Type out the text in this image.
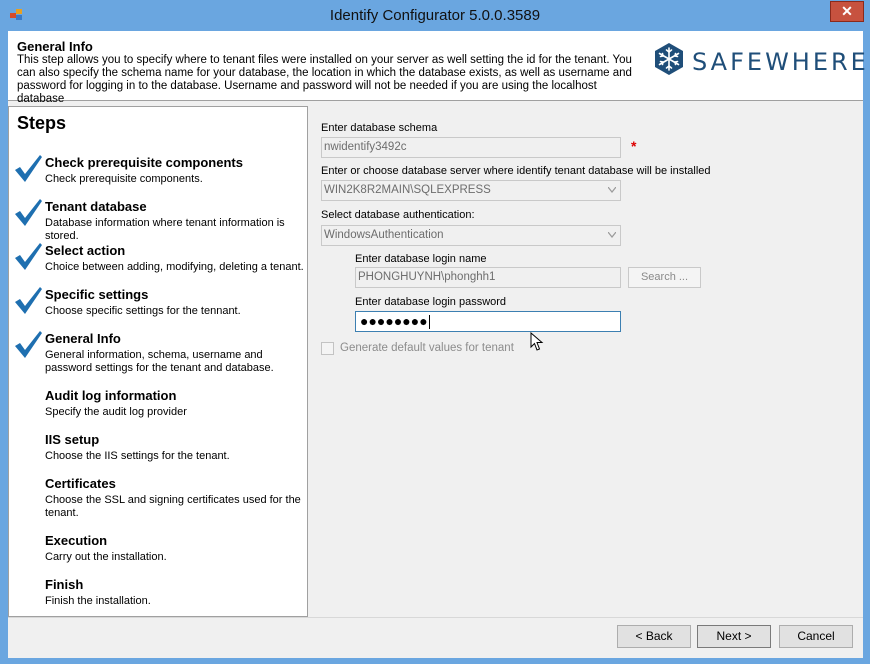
Identify Configurator 5.0.0.3589	✕
General Info
This step allows you to specify where to tenant files were installed on your server as well setting the id for the tenant. You can also specify the schema name for your database, the location in which the database exists, as well as username and password for logging in to the database. Username and password will not be needed if you are using the localhost database
SAFEWHERE
Steps
Check prerequisite components
Check prerequisite components.
Tenant database
Database information where tenant information is stored.
Select action
Choice between adding, modifying, deleting a tenant.
Specific settings
Choose specific settings for the tennant.
General Info
General information, schema, username and password settings for the tenant and database.
Audit log information
Specify the audit log provider
IIS setup
Choose the IIS settings for the tenant.
Certificates
Choose the SSL and signing certificates used for the tenant.
Execution
Carry out the installation.
Finish
Finish the installation.
Enter database schema
nwidentify3492c	*
Enter or choose database server where identify tenant database will be installed
WIN2K8R2MAIN\SQLEXPRESS
Select database authentication:
WindowsAuthentication
Enter database login name
PHONGHUYNH\phonghh1	Search ...
Enter database login password
●●●●●●●●
Generate default values for tenant
< Back	Next >	Cancel
